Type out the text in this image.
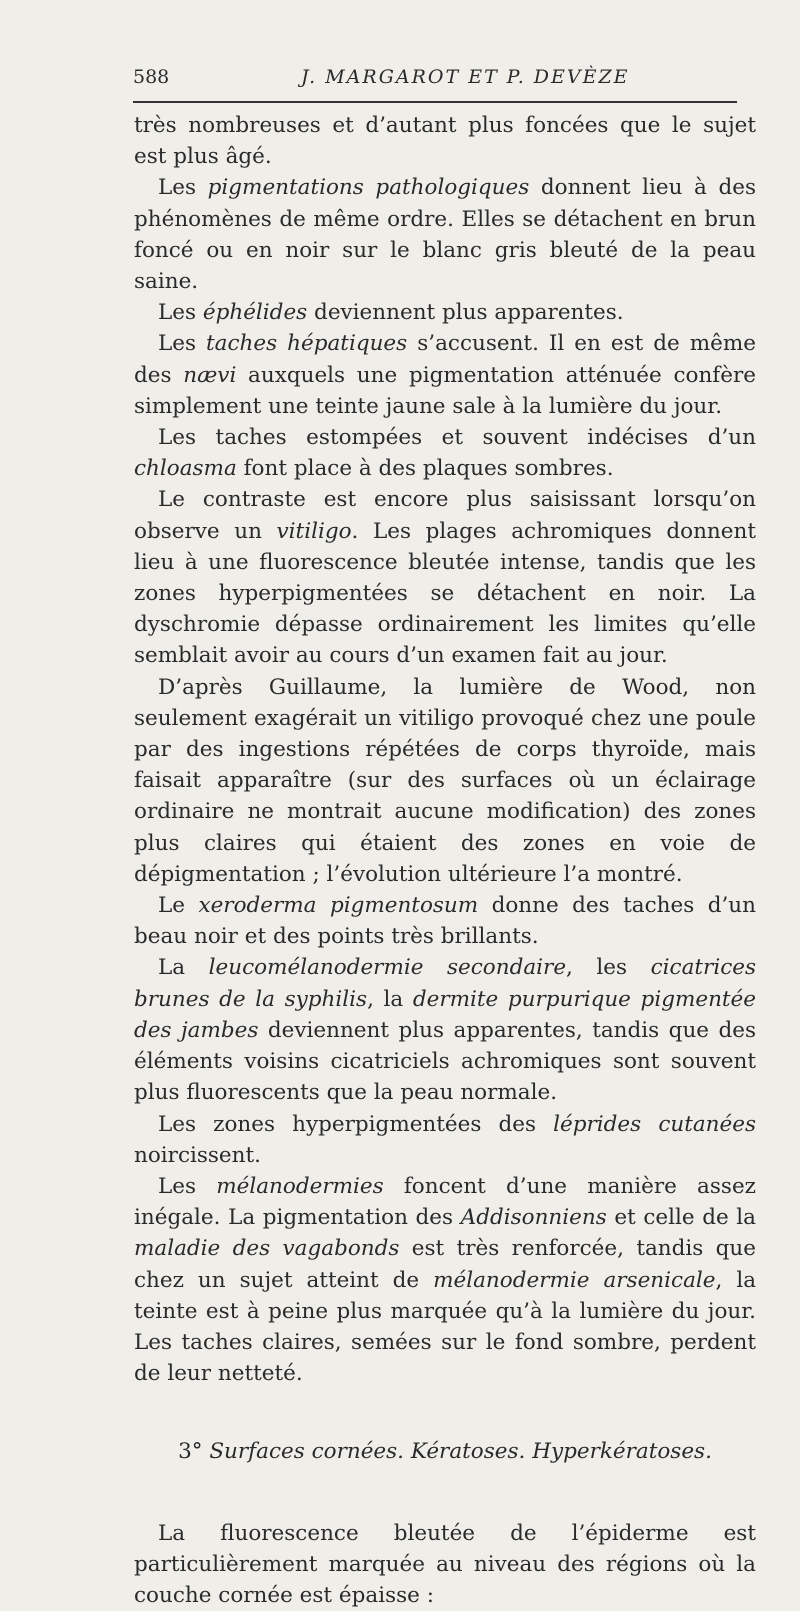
588	J. MARGAROT ET P. DEVÈZE

très nombreuses et d’autant plus foncées que le sujet est plus âgé.

Les pigmentations pathologiques donnent lieu à des phénomènes de même ordre. Elles se détachent en brun foncé ou en noir sur le blanc gris bleuté de la peau saine.

Les éphélides deviennent plus apparentes.

Les taches hépatiques s’accusent. Il en est de même des nævi auxquels une pigmentation atténuée confère simplement une teinte jaune sale à la lumière du jour.

Les taches estompées et souvent indécises d’un chloasma font place à des plaques sombres.

Le contraste est encore plus saisissant lorsqu’on observe un vitiligo. Les plages achromiques donnent lieu à une fluorescence bleutée intense, tandis que les zones hyperpigmentées se détachent en noir. La dyschromie dépasse ordinairement les limites qu’elle semblait avoir au cours d’un examen fait au jour.

D’après Guillaume, la lumière de Wood, non seulement exagérait un vitiligo provoqué chez une poule par des ingestions répétées de corps thyroïde, mais faisait apparaître (sur des surfaces où un éclairage ordinaire ne montrait aucune modification) des zones plus claires qui étaient des zones en voie de dépigmentation ; l’évolution ultérieure l’a montré.

Le xeroderma pigmentosum donne des taches d’un beau noir et des points très brillants.

La leucomélanodermie secondaire, les cicatrices brunes de la syphilis, la dermite purpurique pigmentée des jambes deviennent plus apparentes, tandis que des éléments voisins cicatriciels achromiques sont souvent plus fluorescents que la peau normale.

Les zones hyperpigmentées des léprides cutanées noircissent.

Les mélanodermies foncent d’une manière assez inégale. La pigmentation des Addisonniens et celle de la maladie des vagabonds est très renforcée, tandis que chez un sujet atteint de mélanodermie arsenicale, la teinte est à peine plus marquée qu’à la lumière du jour. Les taches claires, semées sur le fond sombre, perdent de leur netteté.

3° Surfaces cornées. Kératoses. Hyperkératoses.

La fluorescence bleutée de l’épiderme est particulièrement marquée au niveau des régions où la couche cornée est épaisse :
